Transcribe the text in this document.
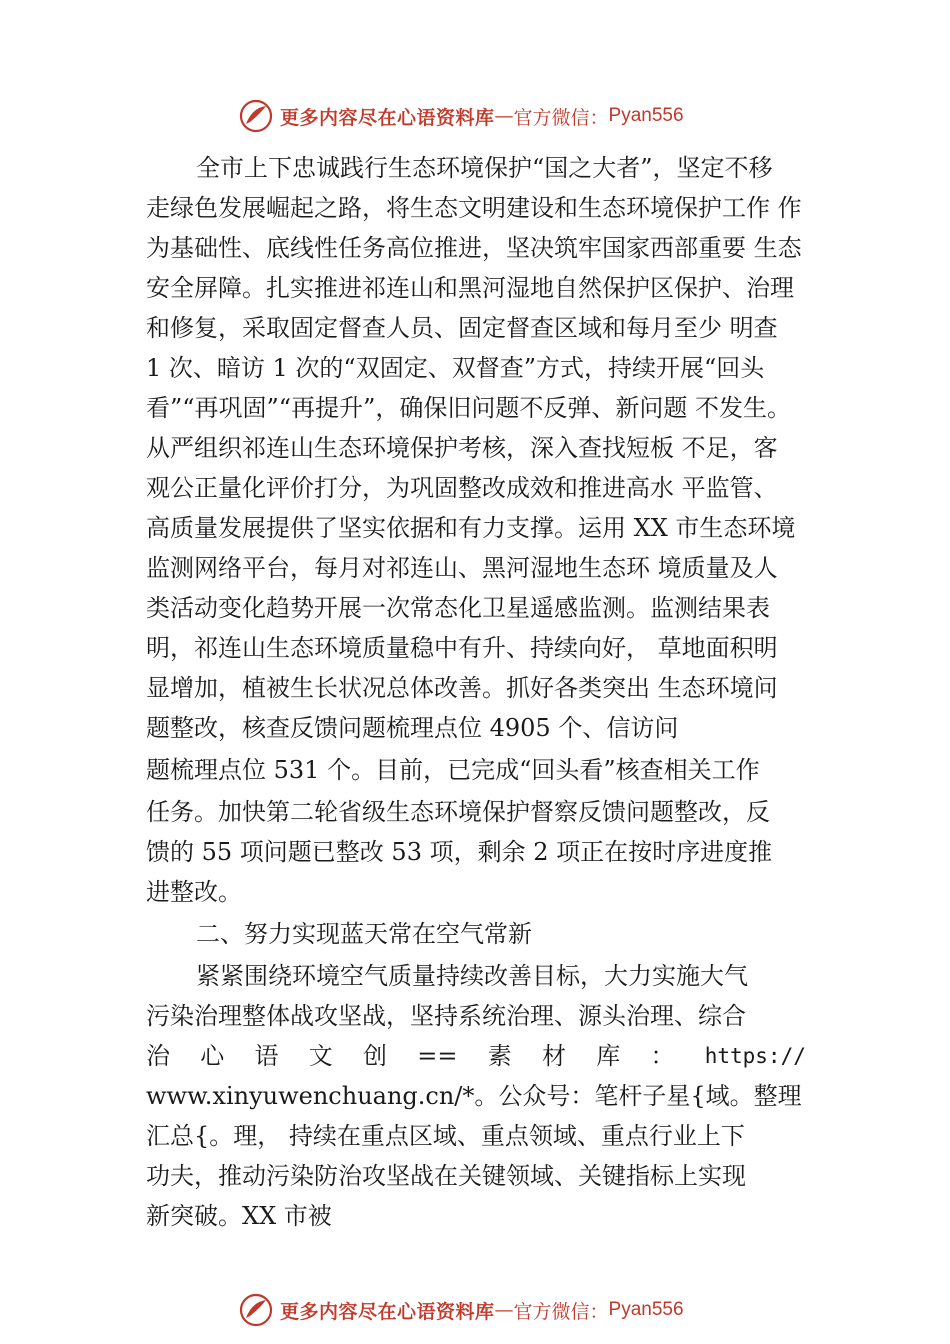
更多内容尽在心语资料库 — 官方微信： Pyan556
全市上下忠诚践行生态环境保护“国之大者”，坚定不移
走绿色发展崛起之路，将生态文明建设和生态环境保护工作 作
为基础性、底线性任务高位推进，坚决筑牢国家西部重要 生态
安全屏障。扎实推进祁连山和黑河湿地自然保护区保护、治理
和修复，采取固定督查人员、固定督查区域和每月至少 明查
1 次、暗访 1 次的“双固定、双督查”方式，持续开展“回头
看”“再巩固”“再提升”，确保旧问题不反弹、新问题 不发生。
从严组织祁连山生态环境保护考核，深入查找短板 不足，客
观公正量化评价打分，为巩固整改成效和推进高水 平监管、
高质量发展提供了坚实依据和有力支撑。运用 XX 市生态环境
监测网络平台，每月对祁连山、黑河湿地生态环 境质量及人
类活动变化趋势开展一次常态化卫星遥感监测。监测结果表
明，祁连山生态环境质量稳中有升、持续向好， 草地面积明
显增加，植被生长状况总体改善。抓好各类突出 生态环境问
题整改，核查反馈问题梳理点位 4905 个、信访问
题梳理点位 531 个。目前，已完成“回头看”核查相关工作
任务。加快第二轮省级生态环境保护督察反馈问题整改，反
馈的 55 项问题已整改 53 项，剩余 2 项正在按时序进度推
进整改。
二、努力实现蓝天常在空气常新
紧紧围绕环境空气质量持续改善目标，大力实施大气
污染治理整体战攻坚战，坚持系统治理、源头治理、综合
治 心 语 文 创 == 素 材 库 ： https://
www.xinyuwenchuang.cn/*。公众号：笔杆子星{域。整理
汇总{。理， 持续在重点区域、重点领域、重点行业上下
功夫，推动污染防治攻坚战在关键领域、关键指标上实现
新突破。XX 市被
更多内容尽在心语资料库 — 官方微信： Pyan556
